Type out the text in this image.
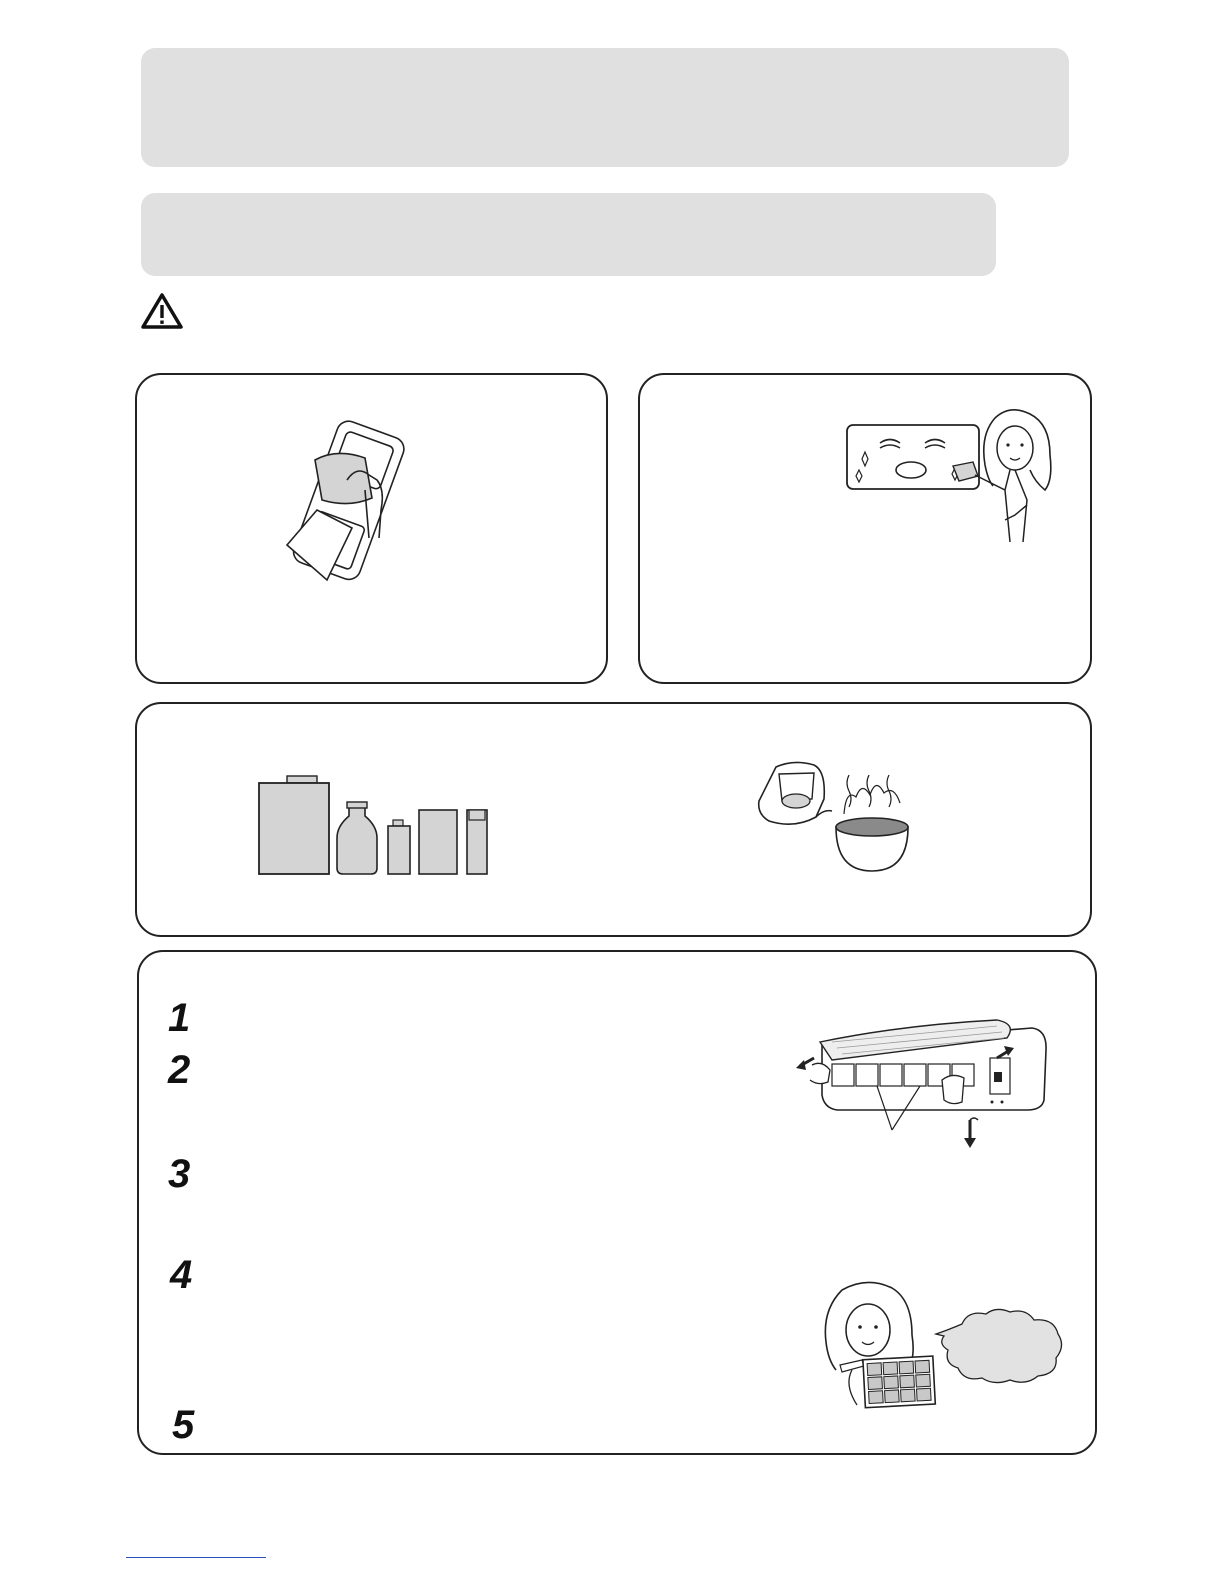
1
2
3
4
5
